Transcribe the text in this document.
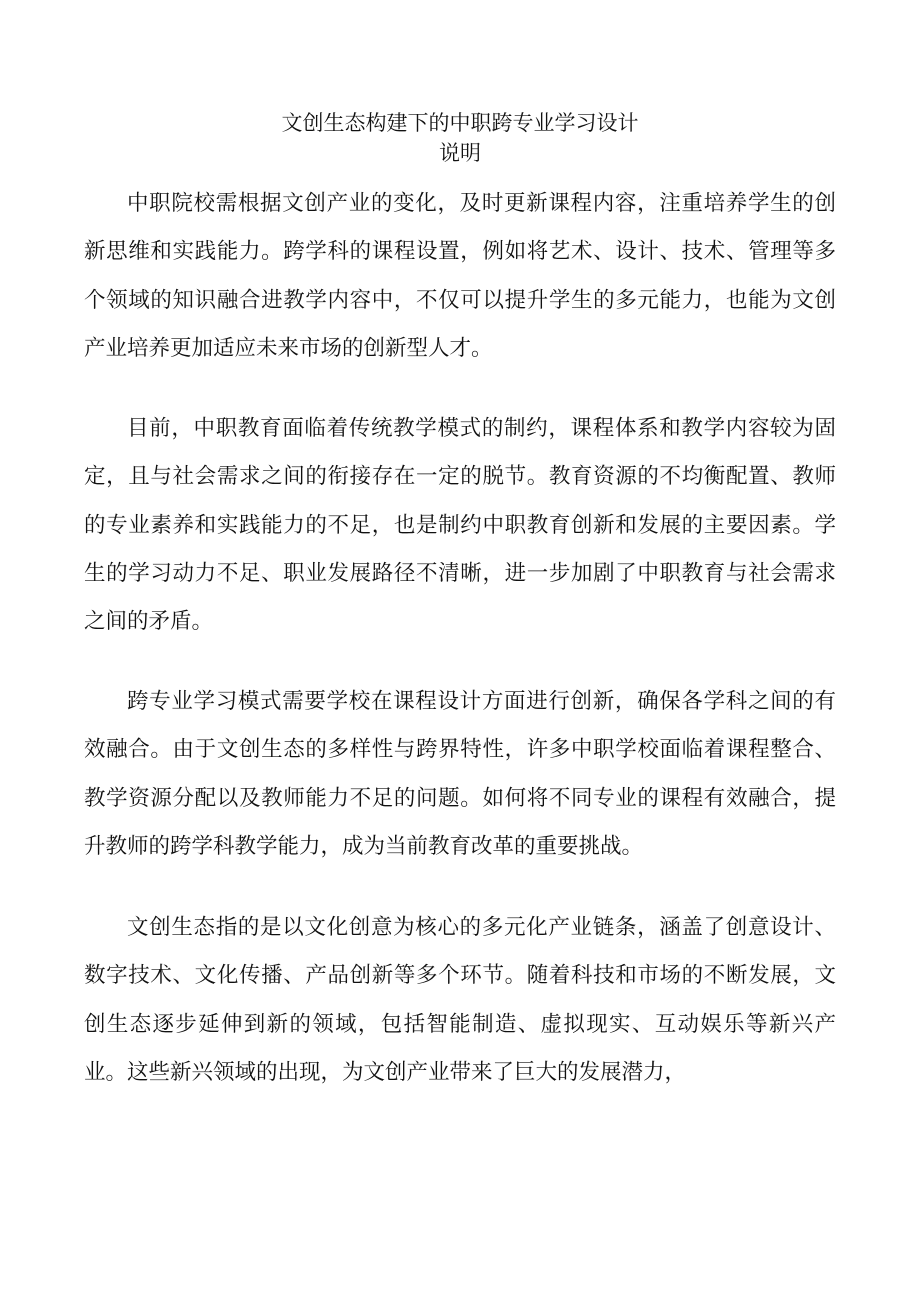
文创生态构建下的中职跨专业学习设计
说明

中职院校需根据文创产业的变化，及时更新课程内容，注重培养学生的创新思维和实践能力。跨学科的课程设置，例如将艺术、设计、技术、管理等多个领域的知识融合进教学内容中，不仅可以提升学生的多元能力，也能为文创产业培养更加适应未来市场的创新型人才。

目前，中职教育面临着传统教学模式的制约，课程体系和教学内容较为固定，且与社会需求之间的衔接存在一定的脱节。教育资源的不均衡配置、教师的专业素养和实践能力的不足，也是制约中职教育创新和发展的主要因素。学生的学习动力不足、职业发展路径不清晰，进一步加剧了中职教育与社会需求之间的矛盾。

跨专业学习模式需要学校在课程设计方面进行创新，确保各学科之间的有效融合。由于文创生态的多样性与跨界特性，许多中职学校面临着课程整合、教学资源分配以及教师能力不足的问题。如何将不同专业的课程有效融合，提升教师的跨学科教学能力，成为当前教育改革的重要挑战。

文创生态指的是以文化创意为核心的多元化产业链条，涵盖了创意设计、数字技术、文化传播、产品创新等多个环节。随着科技和市场的不断发展，文创生态逐步延伸到新的领域，包括智能制造、虚拟现实、互动娱乐等新兴产业。这些新兴领域的出现，为文创产业带来了巨大的发展潜力，
